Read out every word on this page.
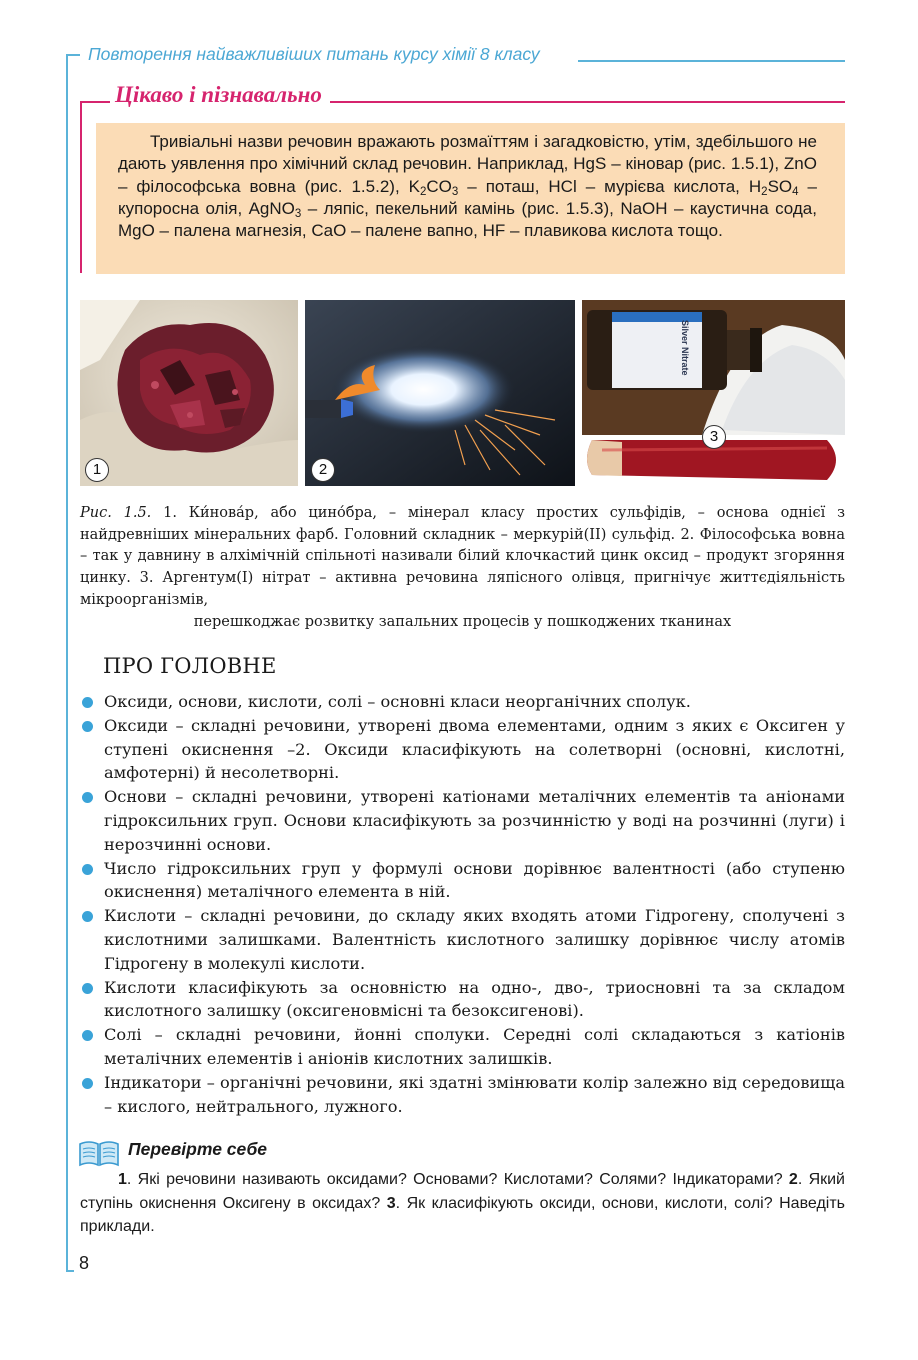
Повторення найважливіших питань курсу хімії 8 класу
Цікаво і пізнавально
Тривіальні назви речовин вражають розмаїттям і загадковістю, утім, здебільшого не дають уявлення про хімічний склад речовин. Наприклад, HgS – кіновар (рис. 1.5.1), ZnO – філософська вовна (рис. 1.5.2), $K_2CO_3$ – поташ, HCl – мурієва кислота, $H_2SO_4$ – купоросна олія, AgNO$_3$ – ляпіс, пекельний камінь (рис. 1.5.3), NaOH – каустична сода, MgO – палена магнезія, CaO – палене вапно, HF – плавикова кислота тощо.
1	2
Silver Nitrate
3
Рис. 1.5. 1. Ки́нова́р, або цино́бра, – мінерал класу простих сульфідів, – основа однієї з найдревніших мінеральних фарб. Головний складник – меркурій(II) сульфід. 2. Філософська вовна – так у давнину в алхімічній спільноті називали білий клочкастий цинк оксид – продукт згоряння цинку. 3. Аргентум(I) нітрат – активна речовина ляпісного олівця, пригнічує життєдіяльність мікроорганізмів,
перешкоджає розвитку запальних процесів у пошкоджених тканинах
ПРО ГОЛОВНЕ
Оксиди, основи, кислоти, солі – основні класи неорганічних сполук.
Оксиди – складні речовини, утворені двома елементами, одним з яких є Оксиген у ступені окиснення –2. Оксиди класифікують на солетворні (основні, кислотні, амфотерні) й несолетворні.
Основи – складні речовини, утворені катіонами металічних елементів та аніонами гідроксильних груп. Основи класифікують за розчинністю у воді на розчинні (луги) і нерозчинні основи.
Число гідроксильних груп у формулі основи дорівнює валентності (або ступеню окиснення) металічного елемента в ній.
Кислоти – складні речовини, до складу яких входять атоми Гідрогену, сполучені з кислотними залишками. Валентність кислотного залишку дорівнює числу атомів Гідрогену в молекулі кислоти.
Кислоти класифікують за основністю на одно-, дво-, триосновні та за складом кислотного залишку (оксигеновмісні та безоксигенові).
Солі – складні речовини, йонні сполуки. Середні солі складаються з катіонів металічних елементів і аніонів кислотних залишків.
Індикатори – органічні речовини, які здатні змінювати колір залежно від середовища – кислого, нейтрального, лужного.
Перевірте себе
1. Які речовини називають оксидами? Основами? Кислотами? Солями? Індикаторами? 2. Який ступінь окиснення Оксигену в оксидах? 3. Як класифікують оксиди, основи, кислоти, солі? Наведіть приклади.
8
